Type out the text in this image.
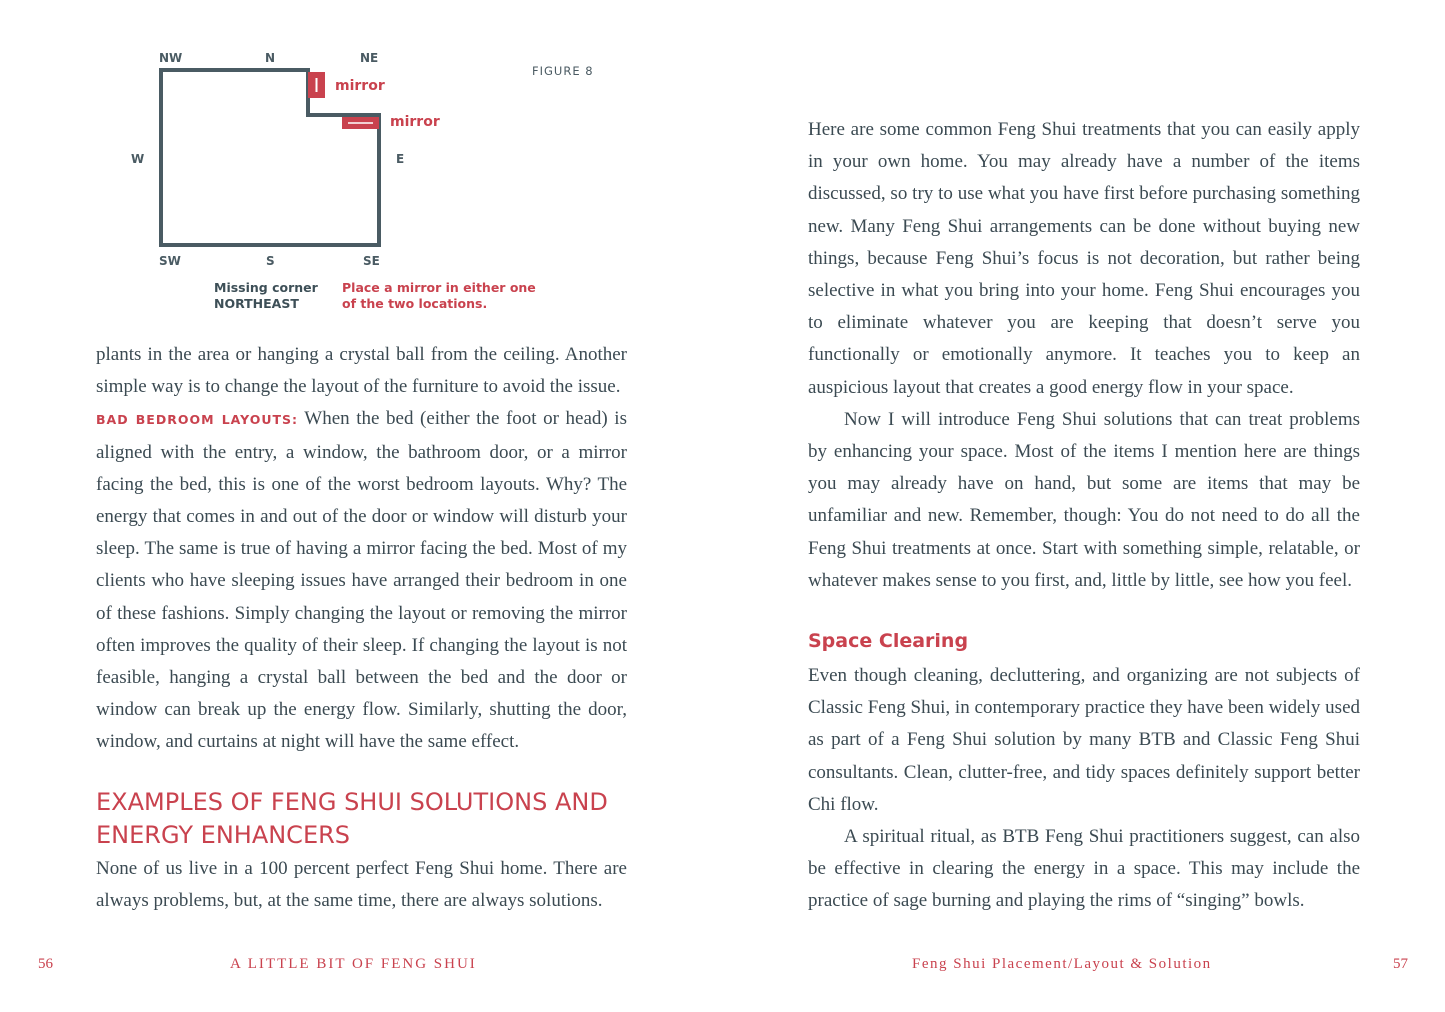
NW	N	NE
W	E
SW	S	SE
mirror
mirror
FIGURE 8
Missing corner
NORTHEAST
Place a mirror in either one of the two locations.

plants in the area or hanging a crystal ball from the ceiling. Another simple way is to change the layout of the furniture to avoid the issue.

BAD BEDROOM LAYOUTS: When the bed (either the foot or head) is aligned with the entry, a window, the bathroom door, or a mirror facing the bed, this is one of the worst bedroom layouts. Why? The energy that comes in and out of the door or window will disturb your sleep. The same is true of having a mirror facing the bed. Most of my clients who have sleeping issues have arranged their bedroom in one of these fashions. Simply changing the layout or removing the mirror often improves the quality of their sleep. If changing the layout is not feasible, hanging a crystal ball between the bed and the door or window can break up the energy flow. Similarly, shutting the door, window, and curtains at night will have the same effect.

EXAMPLES OF FENG SHUI SOLUTIONS AND
ENERGY ENHANCERS

None of us live in a 100 percent perfect Feng Shui home. There are always problems, but, at the same time, there are always solutions.

56	A LITTLE BIT OF FENG SHUI

Here are some common Feng Shui treatments that you can easily apply in your own home. You may already have a number of the items discussed, so try to use what you have first before purchasing something new. Many Feng Shui arrangements can be done without buying new things, because Feng Shui’s focus is not decoration, but rather being selective in what you bring into your home. Feng Shui encourages you to eliminate whatever you are keeping that doesn’t serve you functionally or emotionally anymore. It teaches you to keep an auspicious layout that creates a good energy flow in your space.

Now I will introduce Feng Shui solutions that can treat problems by enhancing your space. Most of the items I mention here are things you may already have on hand, but some are items that may be unfamiliar and new. Remember, though: You do not need to do all the Feng Shui treatments at once. Start with something simple, relatable, or whatever makes sense to you first, and, little by little, see how you feel.

Space Clearing

Even though cleaning, decluttering, and organizing are not subjects of Classic Feng Shui, in contemporary practice they have been widely used as part of a Feng Shui solution by many BTB and Classic Feng Shui consultants. Clean, clutter-free, and tidy spaces definitely support better Chi flow.

A spiritual ritual, as BTB Feng Shui practitioners suggest, can also be effective in clearing the energy in a space. This may include the practice of sage burning and playing the rims of “singing” bowls.

Feng Shui Placement/Layout & Solution	57
